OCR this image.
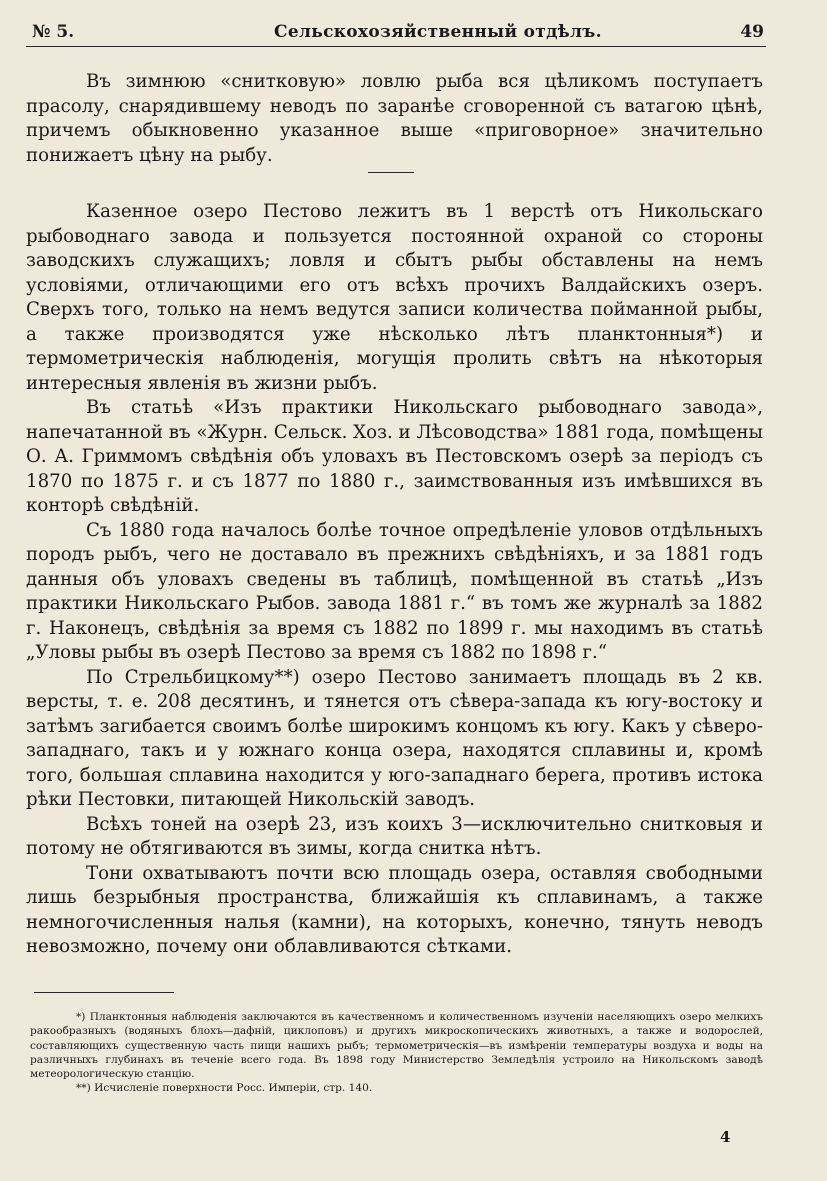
№ 5.	Сельскохозяйственный отдѣлъ.	49

Въ зимнюю «снитковую» ловлю рыба вся цѣликомъ поступаетъ прасолу, снарядившему неводъ по заранѣе сговоренной съ ватагою цѣнѣ, причемъ обыкновенно указанное выше «приговорное» значительно понижаетъ цѣну на рыбу.

Казенное озеро Пестово лежитъ въ 1 верстѣ отъ Никольскаго рыбоводнаго завода и пользуется постоянной охраной со стороны заводскихъ служащихъ; ловля и сбытъ рыбы обставлены на немъ условіями, отличающими его отъ всѣхъ прочихъ Валдайскихъ озеръ. Сверхъ того, только на немъ ведутся записи количества пойманной рыбы, а также производятся уже нѣсколько лѣтъ планктонныя*) и термометрическія наблюденія, могущія пролить свѣтъ на нѣкоторыя интересныя явленія въ жизни рыбъ.

Въ статьѣ «Изъ практики Никольскаго рыбоводнаго завода», напечатанной въ «Журн. Сельск. Хоз. и Лѣсоводства» 1881 года, помѣщены О. А. Гриммомъ свѣдѣнія объ уловахъ въ Пестовскомъ озерѣ за періодъ съ 1870 по 1875 г. и съ 1877 по 1880 г., заимствованныя изъ имѣвшихся въ конторѣ свѣдѣній.

Съ 1880 года началось болѣе точное опредѣленіе уловов отдѣльныхъ породъ рыбъ, чего не доставало въ прежнихъ свѣдѣніяхъ, и за 1881 годъ данныя объ уловахъ сведены въ таблицѣ, помѣщенной въ статьѣ „Изъ практики Никольскаго Рыбов. завода 1881 г.“ въ томъ же журналѣ за 1882 г. Наконецъ, свѣдѣнія за время съ 1882 по 1899 г. мы находимъ въ статьѣ „Уловы рыбы въ озерѣ Пестово за время съ 1882 по 1898 г.“

По Стрельбицкому**) озеро Пестово занимаетъ площадь въ 2 кв. версты, т. е. 208 десятинъ, и тянется отъ сѣвера-запада къ югу-востоку и затѣмъ загибается своимъ болѣе широкимъ концомъ къ югу. Какъ у сѣверо-западнаго, такъ и у южнаго конца озера, находятся сплавины и, кромѣ того, большая сплавина находится у юго-западнаго берега, противъ истока рѣки Пестовки, питающей Никольскій заводъ.

Всѣхъ тоней на озерѣ 23, изъ коихъ 3—исключительно снитковыя и потому не обтягиваются въ зимы, когда снитка нѣтъ.

Тони охватываютъ почти всю площадь озера, оставляя свободными лишь безрыбныя пространства, ближайшія къ сплавинамъ, а также немногочисленныя налья (камни), на которыхъ, конечно, тянуть неводъ невозможно, почему они облавливаются сѣтками.

*) Планктонныя наблюденія заключаются въ качественномъ и количественномъ изученіи населяющихъ озеро мелкихъ ракообразныхъ (водяныхъ блохъ—дафній, циклоповъ) и другихъ микроскопическихъ животныхъ, а также и водорослей, составляющихъ существенную часть пищи нашихъ рыбъ; термометрическія—въ измѣреніи температуры воздуха и воды на различныхъ глубинахъ въ теченіе всего года. Въ 1898 году Министерство Земледѣлія устроило на Никольскомъ заводѣ метеорологическую станцію.

**) Исчисленіе поверхности Росс. Имперіи, стр. 140.

4
